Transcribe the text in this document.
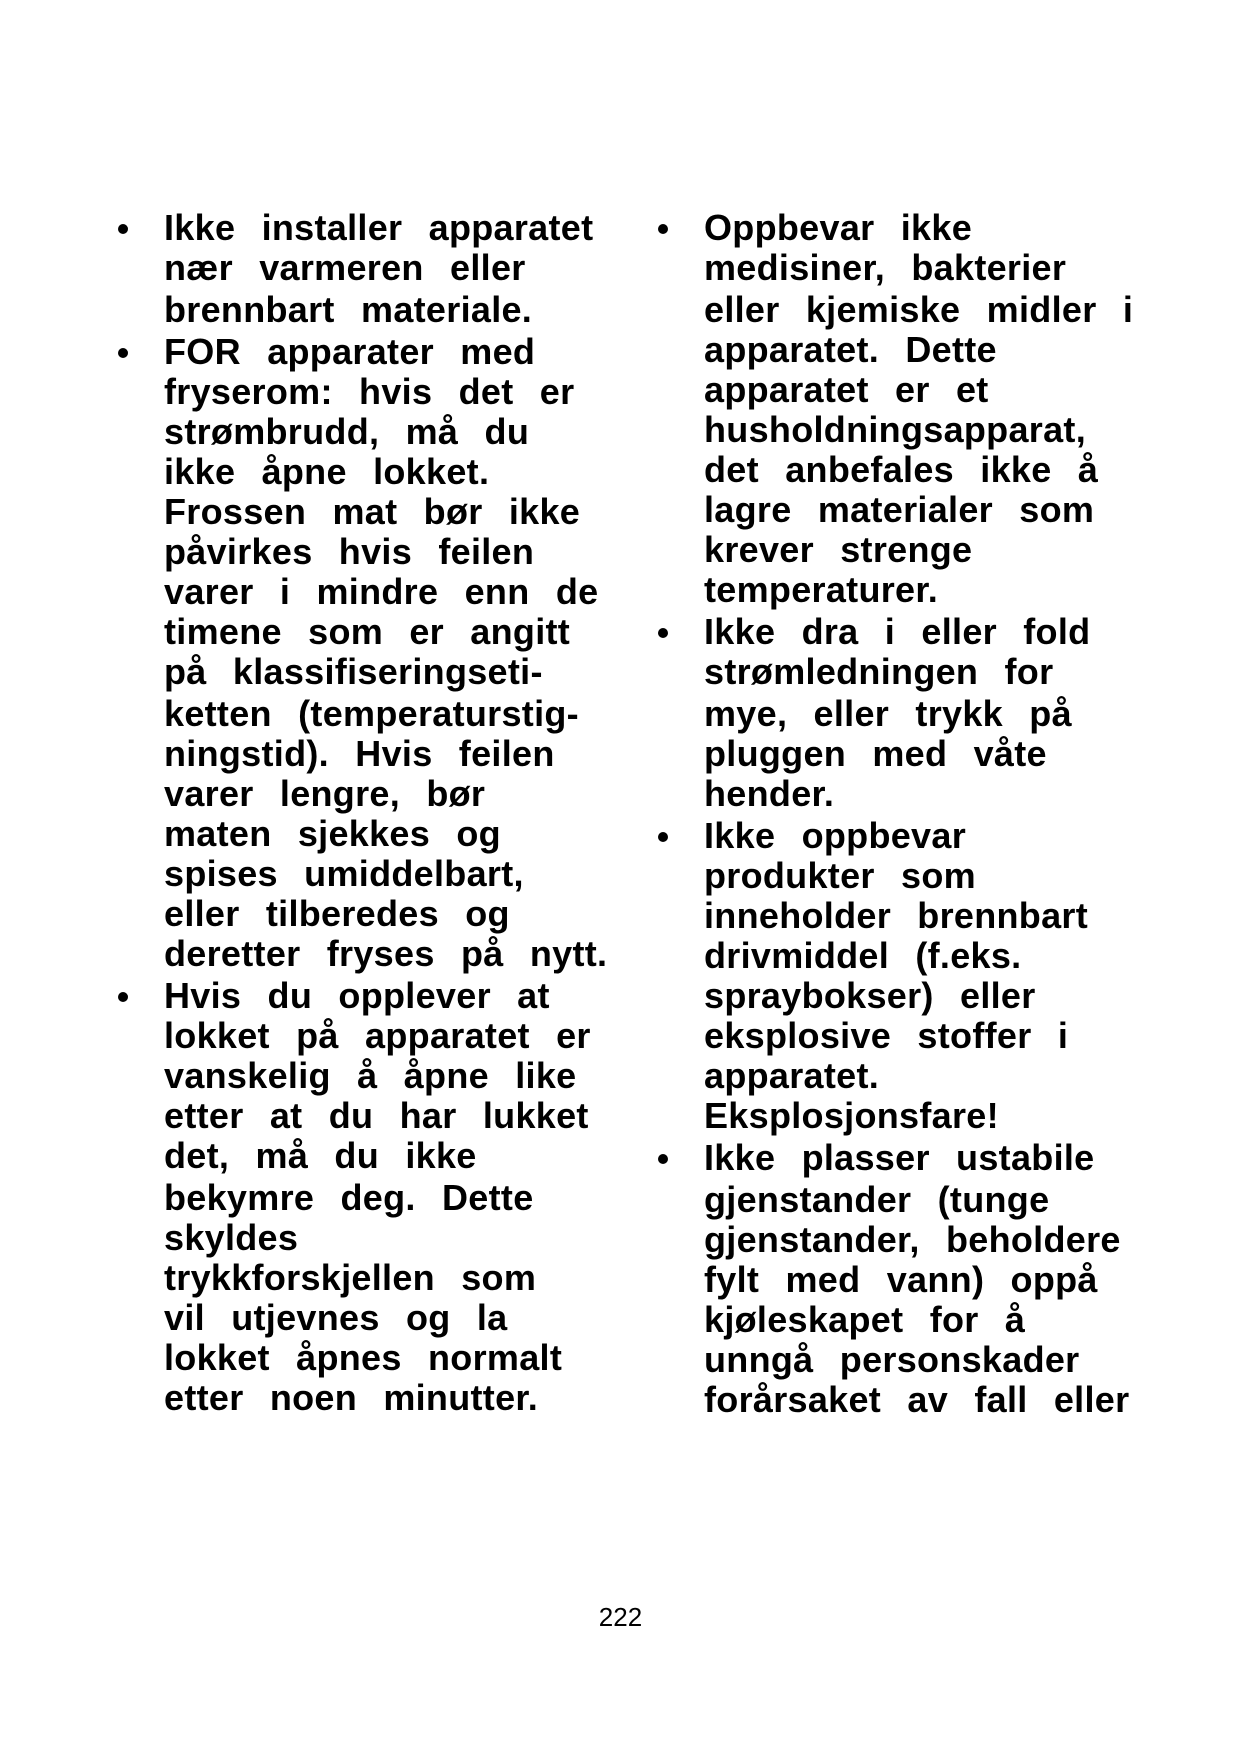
Ikke installer apparatet
nær varmeren eller
brennbart materiale.
FOR apparater med
fryserom: hvis det er
strømbrudd, må du
ikke åpne lokket.
Frossen mat bør ikke
påvirkes hvis feilen
varer i mindre enn de
timene som er angitt
på klassifiseringseti-
ketten (temperaturstig-
ningstid). Hvis feilen
varer lengre, bør
maten sjekkes og
spises umiddelbart,
eller tilberedes og
deretter fryses på nytt.
Hvis du opplever at
lokket på apparatet er
vanskelig å åpne like
etter at du har lukket
det, må du ikke
bekymre deg. Dette
skyldes
trykkforskjellen som
vil utjevnes og la
lokket åpnes normalt
etter noen minutter.
Oppbevar ikke
medisiner, bakterier
eller kjemiske midler i
apparatet. Dette
apparatet er et
husholdningsapparat,
det anbefales ikke å
lagre materialer som
krever strenge
temperaturer.
Ikke dra i eller fold
strømledningen for
mye, eller trykk på
pluggen med våte
hender.
Ikke oppbevar
produkter som
inneholder brennbart
drivmiddel (f.eks.
spraybokser) eller
eksplosive stoffer i
apparatet.
Eksplosjonsfare!
Ikke plasser ustabile
gjenstander (tunge
gjenstander, beholdere
fylt med vann) oppå
kjøleskapet for å
unngå personskader
forårsaket av fall eller
222
